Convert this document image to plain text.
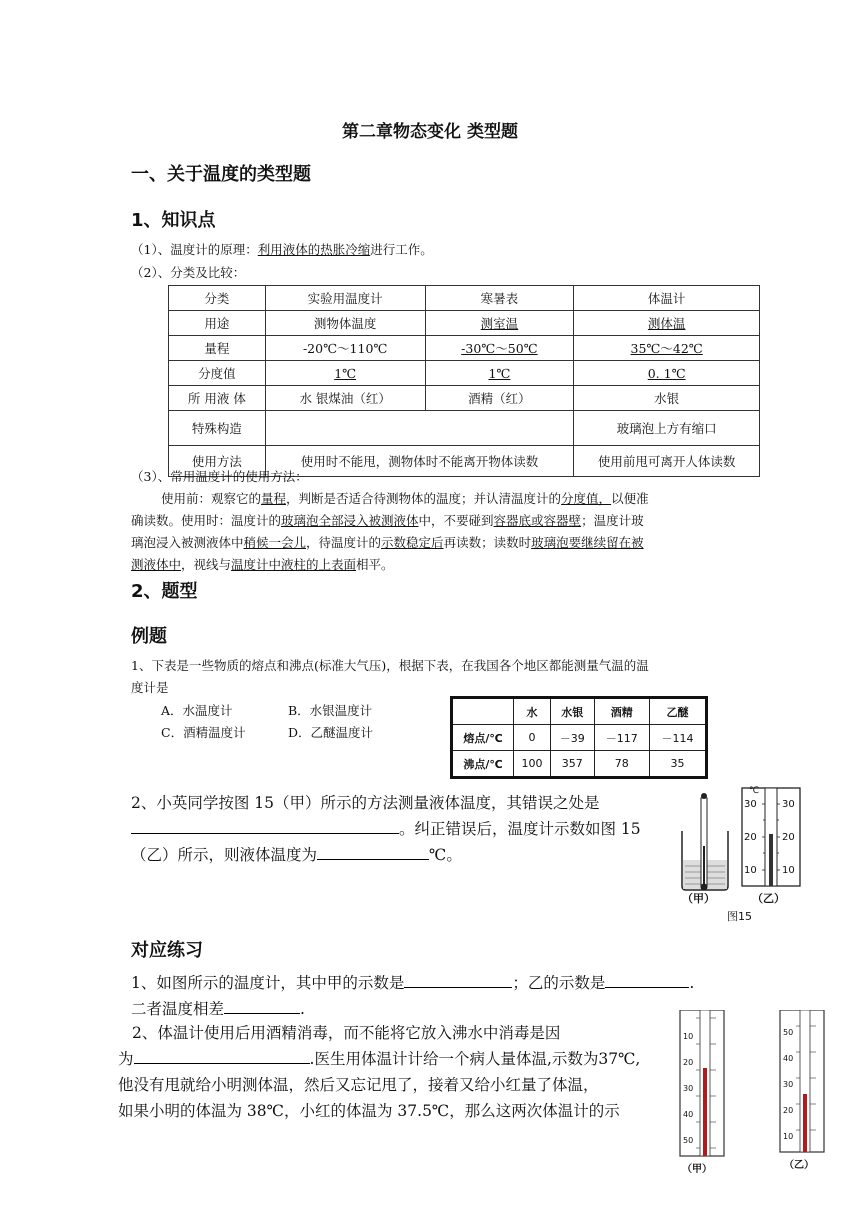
第二章物态变化 类型题
一、关于温度的类型题
1、知识点
（1）、温度计的原理：利用液体的热胀冷缩进行工作。
（2）、分类及比较：
分类	实验用温度计	寒暑表	体温计
用途	测物体温度	测室温	测体温
量程	-20℃～110℃	-30℃～50℃	35℃～42℃
分度值	1℃	1℃	0. 1℃
所 用液 体	水 银煤油（红）	酒精（红）	水银
特殊构造			玻璃泡上方有缩口
使用方法	使用时不能甩，测物体时不能离开物体读数		使用前甩可离开人体读数
（3）、常用温度计的使用方法：
使用前：观察它的量程，判断是否适合待测物体的温度；并认清温度计的分度值，以便准
确读数。使用时：温度计的玻璃泡全部浸入被测液体中，不要碰到容器底或容器壁；温度计玻
璃泡浸入被测液体中稍候一会儿，待温度计的示数稳定后再读数；读数时玻璃泡要继续留在被
测液体中，视线与温度计中液柱的上表面相平。
2、题型
例题
1、下表是一些物质的熔点和沸点(标准大气压)，根据下表，在我国各个地区都能测量气温的温
度计是
A．水温度计	B．水银温度计
C．酒精温度计	D．乙醚温度计
	水	水银	酒精	乙醚
熔点/℃	0	－39	－117	－114
沸点/℃	100	357	78	35
2、小英同学按图 15（甲）所示的方法测量液体温度，其错误之处是
。纠正错误后，温度计示数如图 15
（乙）所示，则液体温度为	℃。
℃
30	30
20	20
10	10
（甲）	（乙）
图15
对应练习
1、如图所示的温度计，其中甲的示数是	；乙的示数是	.
二者温度相差	.
2、体温计使用后用酒精消毒，而不能将它放入沸水中消毒是因
为	.医生用体温计计给一个病人量体温,示数为37℃,
他没有甩就给小明测体温，然后又忘记甩了，接着又给小红量了体温，
如果小明的体温为 38℃，小红的体温为 37.5℃，那么这两次体温计的示
10
20
30
40
50
50
40
30
20
10
（甲）	（乙）
